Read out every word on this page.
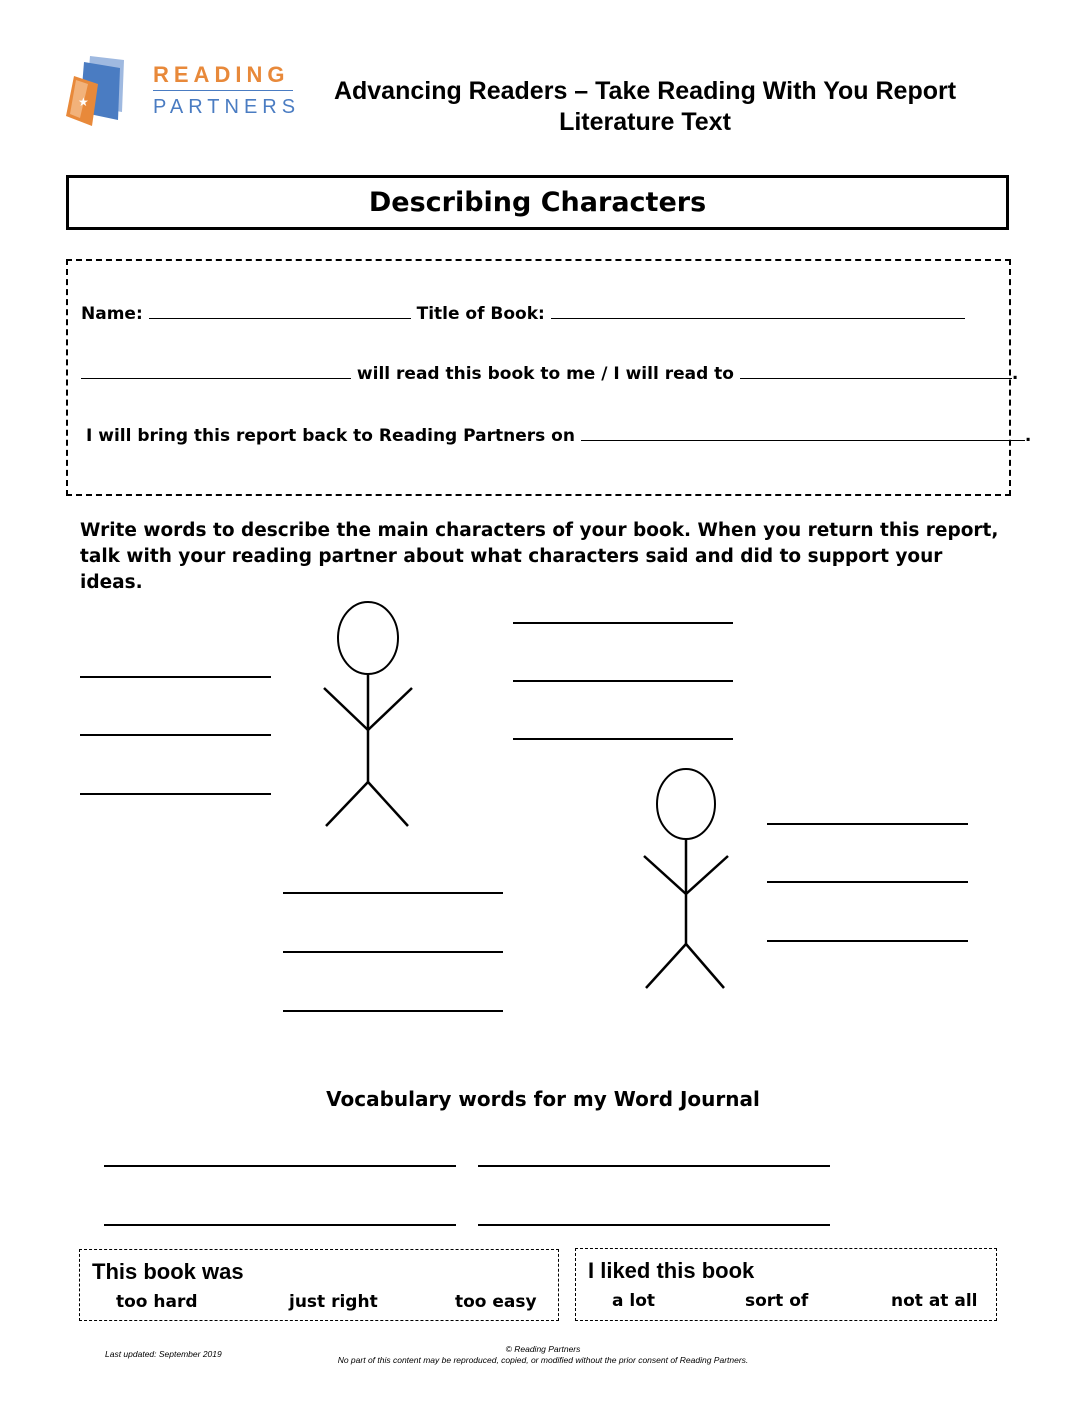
★
READING
PARTNERS
Advancing Readers – Take Reading With You Report
Literature Text
Describing Characters
Name:	Title of Book:
will read this book to me / I will read to	.
I will bring this report back to Reading Partners on	.
Write words to describe the main characters of your book. When you return this report, talk with your reading partner about what characters said and did to support your ideas.
Vocabulary words for my Word Journal
This book was
too hard	just right	too easy
I liked this book
a lot	sort of	not at all
Last updated: September 2019	© Reading Partners
No part of this content may be reproduced, copied, or modified without the prior consent of Reading Partners.
